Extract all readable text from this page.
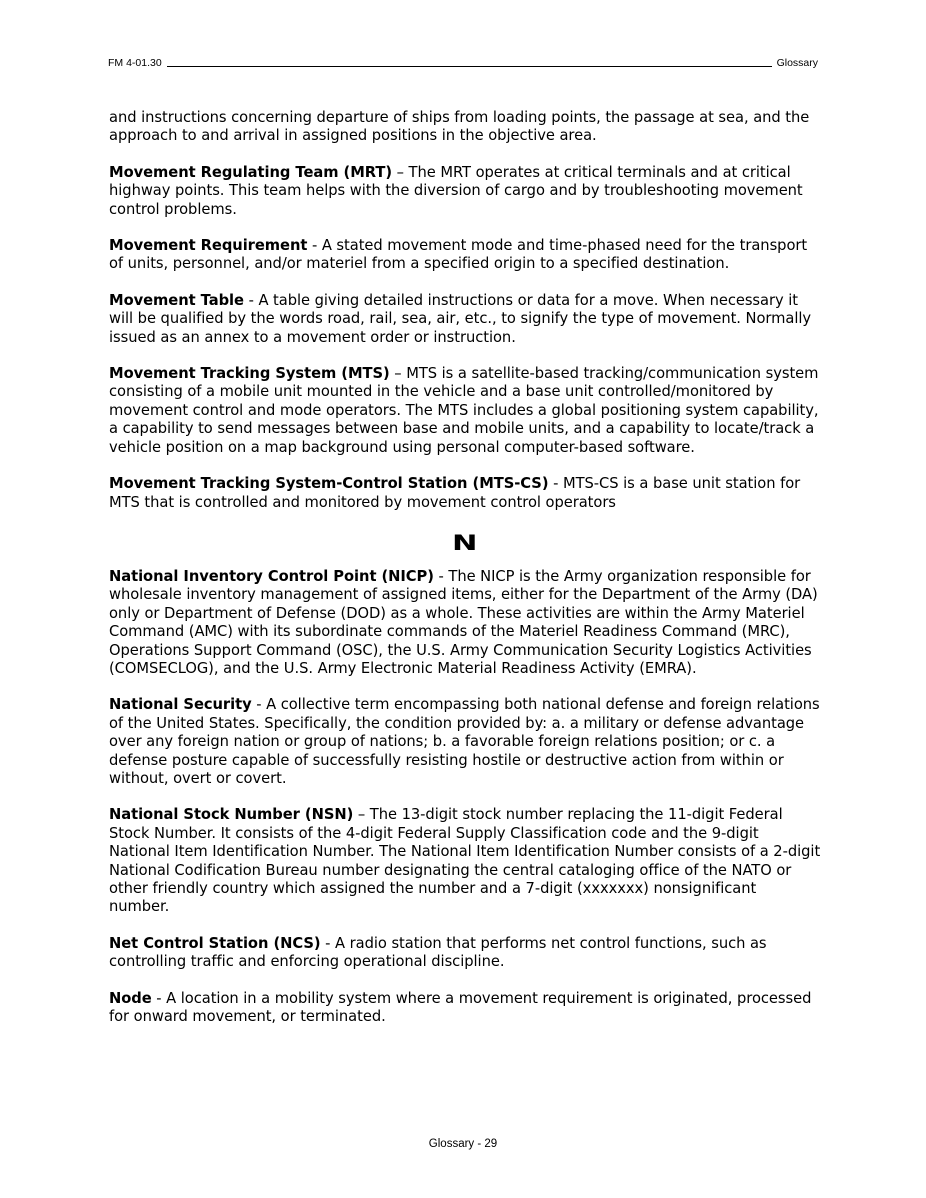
FM 4-01.30	Glossary

and instructions concerning departure of ships from loading points, the passage at sea, and the approach to and arrival in assigned positions in the objective area.

Movement Regulating Team (MRT) – The MRT operates at critical terminals and at critical highway points. This team helps with the diversion of cargo and by troubleshooting movement control problems.

Movement Requirement - A stated movement mode and time-phased need for the transport of units, personnel, and/or materiel from a specified origin to a specified destination.

Movement Table - A table giving detailed instructions or data for a move. When necessary it will be qualified by the words road, rail, sea, air, etc., to signify the type of movement. Normally issued as an annex to a movement order or instruction.

Movement Tracking System (MTS) – MTS is a satellite-based tracking/communication system consisting of a mobile unit mounted in the vehicle and a base unit controlled/monitored by movement control and mode operators. The MTS includes a global positioning system capability, a capability to send messages between base and mobile units, and a capability to locate/track a vehicle position on a map background using personal computer-based software.

Movement Tracking System-Control Station (MTS-CS) - MTS-CS is a base unit station for MTS that is controlled and monitored by movement control operators

N

National Inventory Control Point (NICP) - The NICP is the Army organization responsible for wholesale inventory management of assigned items, either for the Department of the Army (DA) only or Department of Defense (DOD) as a whole. These activities are within the Army Materiel Command (AMC) with its subordinate commands of the Materiel Readiness Command (MRC), Operations Support Command (OSC), the U.S. Army Communication Security Logistics Activities (COMSECLOG), and the U.S. Army Electronic Material Readiness Activity (EMRA).

National Security - A collective term encompassing both national defense and foreign relations of the United States. Specifically, the condition provided by: a. a military or defense advantage over any foreign nation or group of nations; b. a favorable foreign relations position; or c. a defense posture capable of successfully resisting hostile or destructive action from within or without, overt or covert.

National Stock Number (NSN) – The 13-digit stock number replacing the 11-digit Federal Stock Number. It consists of the 4-digit Federal Supply Classification code and the 9-digit National Item Identification Number. The National Item Identification Number consists of a 2-digit National Codification Bureau number designating the central cataloging office of the NATO or other friendly country which assigned the number and a 7-digit (xxxxxxx) nonsignificant number.

Net Control Station (NCS) - A radio station that performs net control functions, such as controlling traffic and enforcing operational discipline.

Node - A location in a mobility system where a movement requirement is originated, processed for onward movement, or terminated.

Glossary - 29
